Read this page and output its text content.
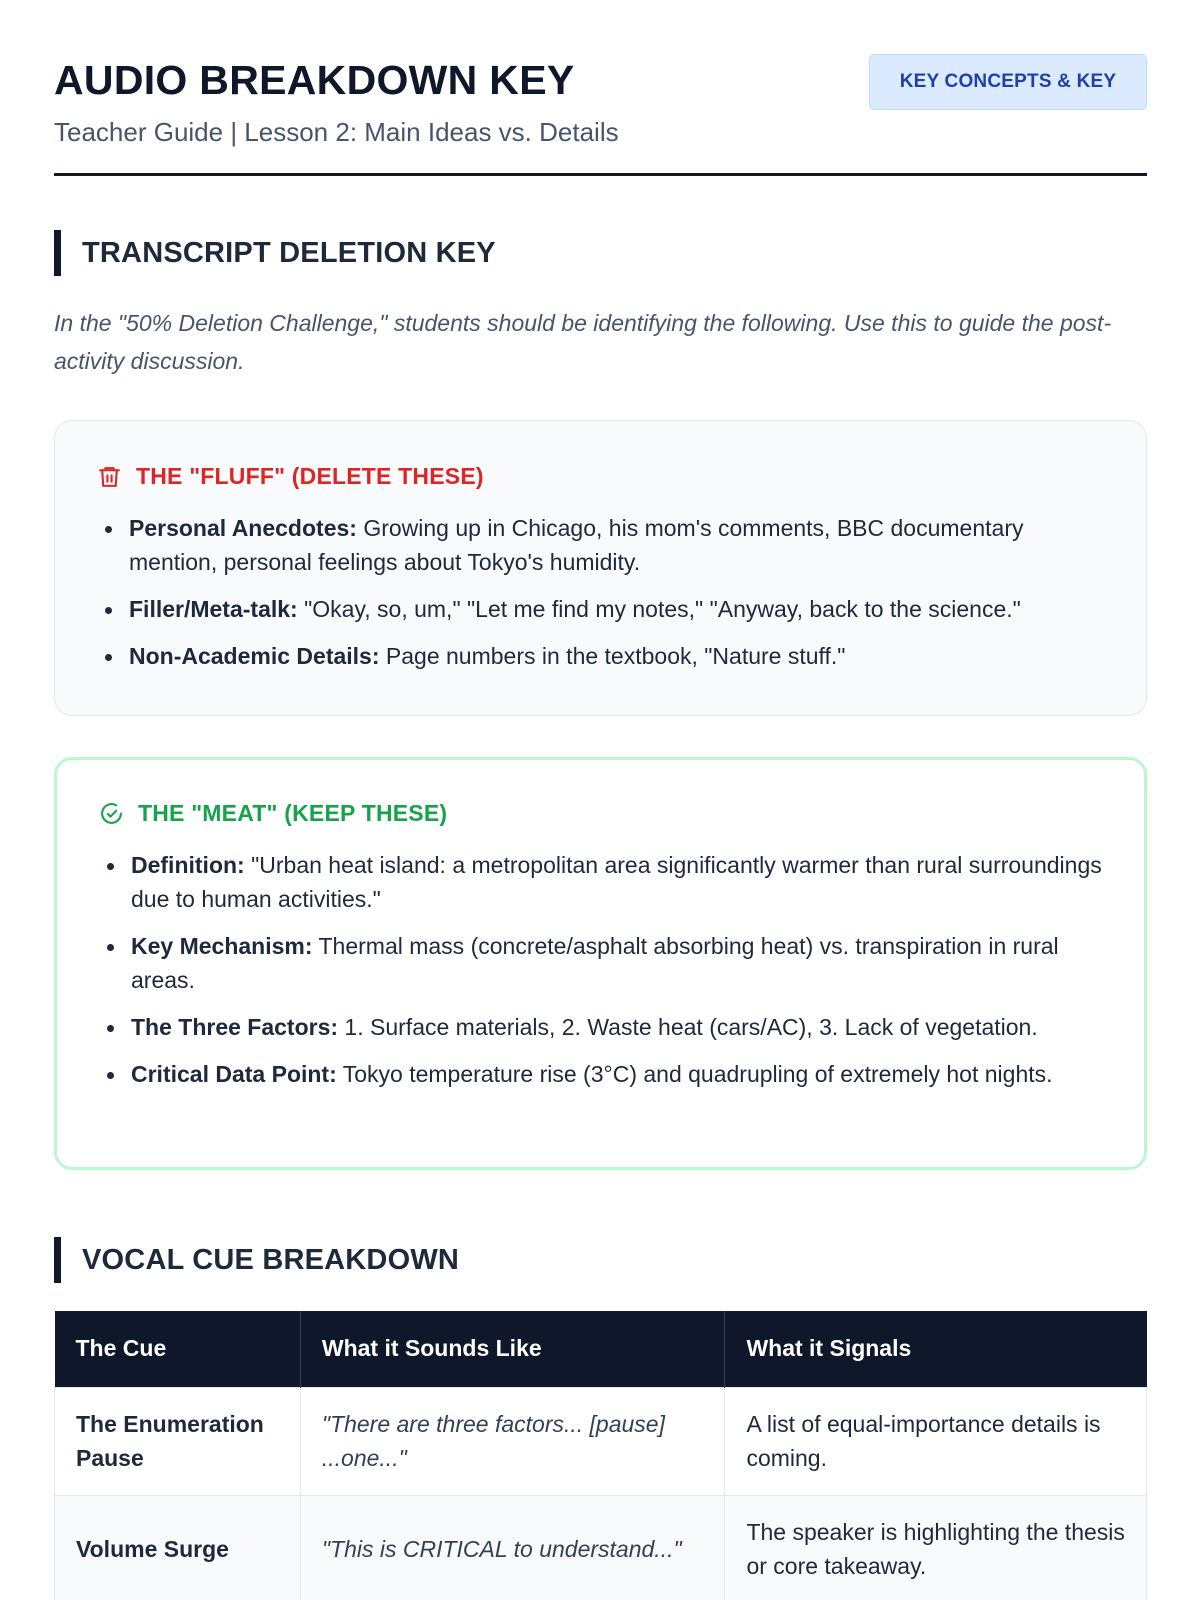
AUDIO BREAKDOWN KEY
Teacher Guide | Lesson 2: Main Ideas vs. Details
KEY CONCEPTS & KEY
TRANSCRIPT DELETION KEY
In the "50% Deletion Challenge," students should be identifying the following. Use this to guide the post-activity discussion.
THE "FLUFF" (DELETE THESE)
Personal Anecdotes: Growing up in Chicago, his mom's comments, BBC documentary mention, personal feelings about Tokyo's humidity.
Filler/Meta-talk: "Okay, so, um," "Let me find my notes," "Anyway, back to the science."
Non-Academic Details: Page numbers in the textbook, "Nature stuff."
THE "MEAT" (KEEP THESE)
Definition: "Urban heat island: a metropolitan area significantly warmer than rural surroundings due to human activities."
Key Mechanism: Thermal mass (concrete/asphalt absorbing heat) vs. transpiration in rural areas.
The Three Factors: 1. Surface materials, 2. Waste heat (cars/AC), 3. Lack of vegetation.
Critical Data Point: Tokyo temperature rise (3°C) and quadrupling of extremely hot nights.
VOCAL CUE BREAKDOWN
The Cue	What it Sounds Like	What it Signals
The Enumeration Pause	"There are three factors... [pause] ...one..."	A list of equal-importance details is coming.
Volume Surge	"This is CRITICAL to understand..."	The speaker is highlighting the thesis or core takeaway.
